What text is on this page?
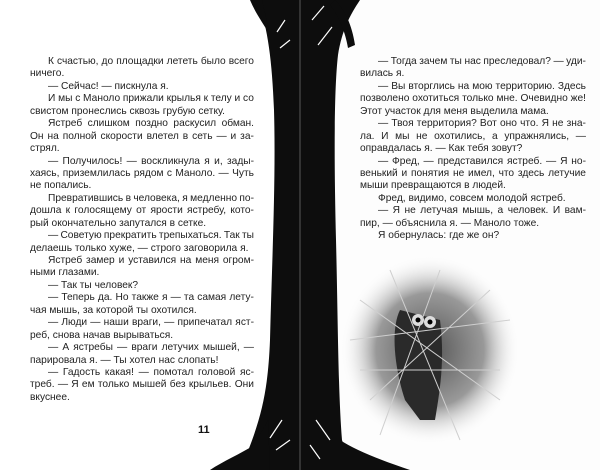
К счастью, до площадки лететь было всего
ничего.
— Сейчас! — пискнула я.
И мы с Маноло прижали крылья к телу и со
свистом пронеслись сквозь грубую сетку.
Ястреб слишком поздно раскусил обман.
Он на полной скорости влетел в сеть — и за-
стрял.
— Получилось! — воскликнула я и, зады-
хаясь, приземлилась рядом с Маноло. — Чуть
не попались.
Превратившись в человека, я медленно по-
дошла к голосящему от ярости ястребу, кото-
рый окончательно запутался в сетке.
— Советую прекратить трепыхаться. Так ты
делаешь только хуже, — строго заговорила я.
Ястреб замер и уставился на меня огром-
ными глазами.
— Так ты человек?
— Теперь да. Но также я — та самая лету-
чая мышь, за которой ты охотился.
— Люди — наши враги, — припечатал яст-
реб, снова начав вырываться.
— А ястребы — враги летучих мышей, —
парировала я. — Ты хотел нас слопать!
— Гадость какая! — помотал головой яс-
треб. — Я ем только мышей без крыльев. Они
вкуснее.
11
— Тогда зачем ты нас преследовал? — уди-
вилась я.
— Вы вторглись на мою территорию. Здесь
позволено охотиться только мне. Очевидно же!
Этот участок для меня выделила мама.
— Твоя территория? Вот оно что. Я не зна-
ла. И мы не охотились, а упражнялись, —
оправдалась я. — Как тебя зовут?
— Фред, — представился ястреб. — Я но-
венький и понятия не имел, что здесь летучие
мыши превращаются в людей.
Фред, видимо, совсем молодой ястреб.
— Я не летучая мышь, а человек. И вам-
пир, — объяснила я. — Маноло тоже.
Я обернулась: где же он?
